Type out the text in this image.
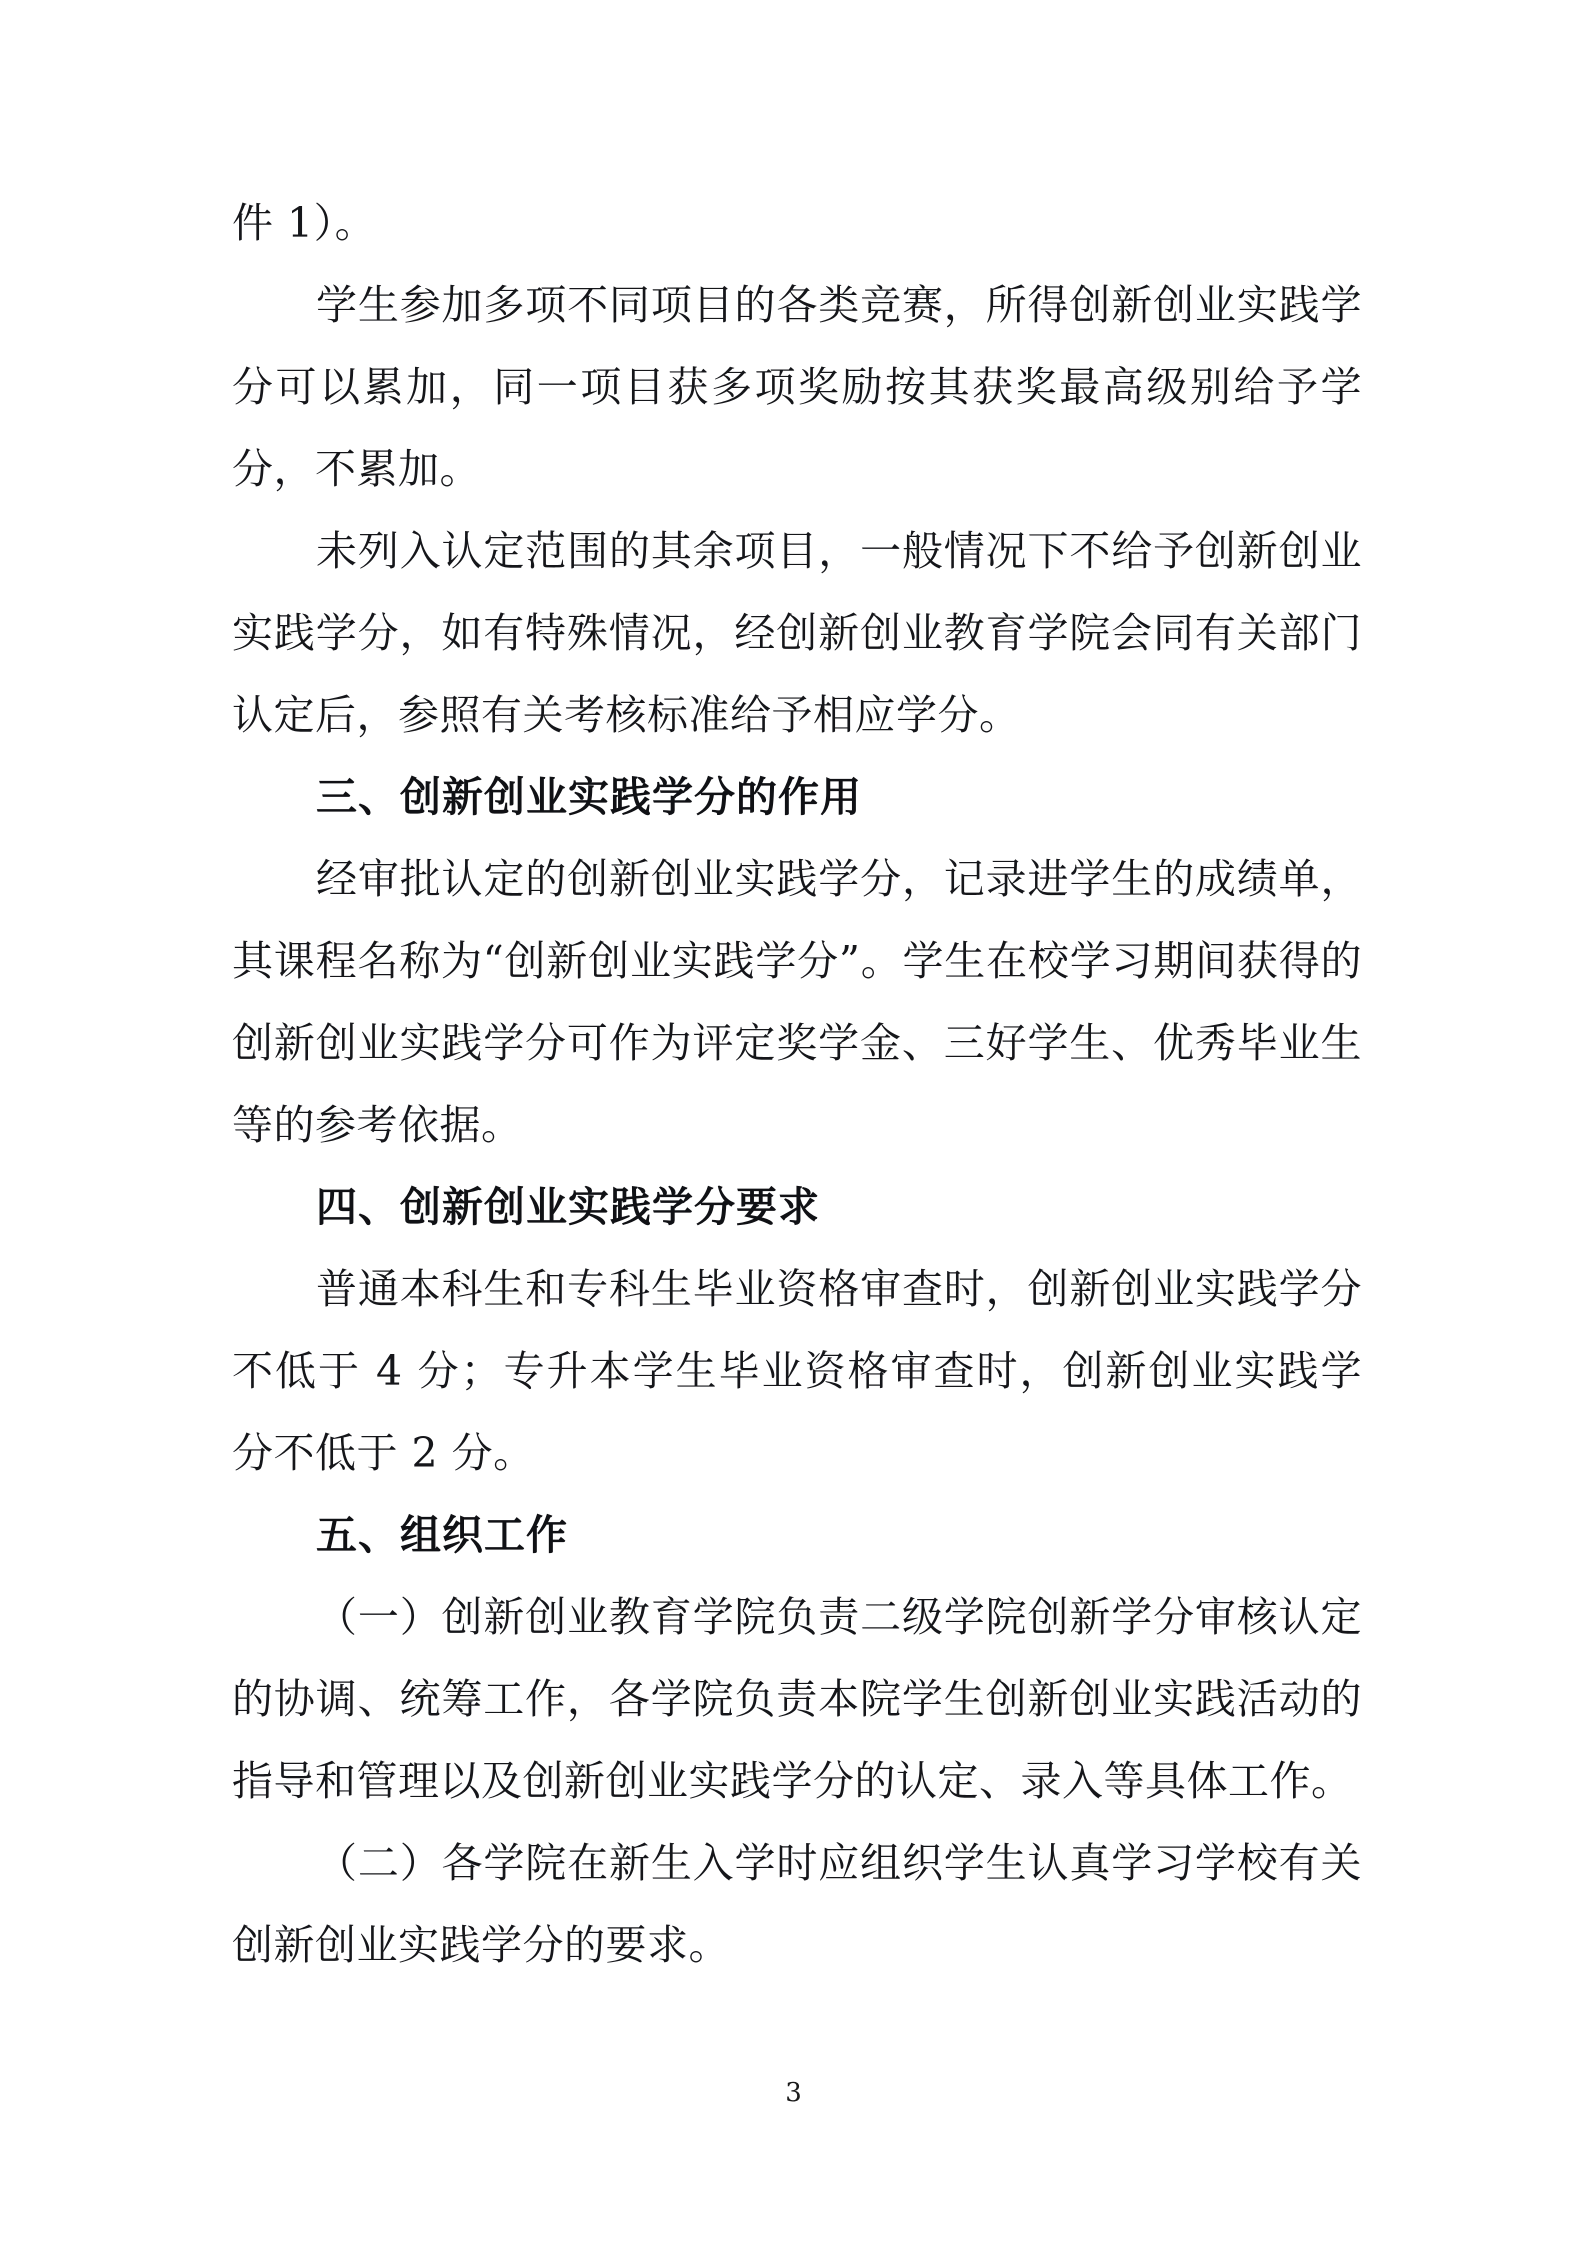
件 1）。

学生参加多项不同项目的各类竞赛，所得创新创业实践学分可以累加，同一项目获多项奖励按其获奖最高级别给予学分，不累加。

未列入认定范围的其余项目，一般情况下不给予创新创业实践学分，如有特殊情况，经创新创业教育学院会同有关部门认定后，参照有关考核标准给予相应学分。

三、创新创业实践学分的作用

经审批认定的创新创业实践学分，记录进学生的成绩单，其课程名称为“创新创业实践学分”。学生在校学习期间获得的创新创业实践学分可作为评定奖学金、三好学生、优秀毕业生等的参考依据。

四、创新创业实践学分要求

普通本科生和专科生毕业资格审查时，创新创业实践学分不低于 4 分；专升本学生毕业资格审查时，创新创业实践学分不低于 2 分。

五、组织工作

（一）创新创业教育学院负责二级学院创新学分审核认定的协调、统筹工作，各学院负责本院学生创新创业实践活动的指导和管理以及创新创业实践学分的认定、录入等具体工作。

（二）各学院在新生入学时应组织学生认真学习学校有关创新创业实践学分的要求。

3
